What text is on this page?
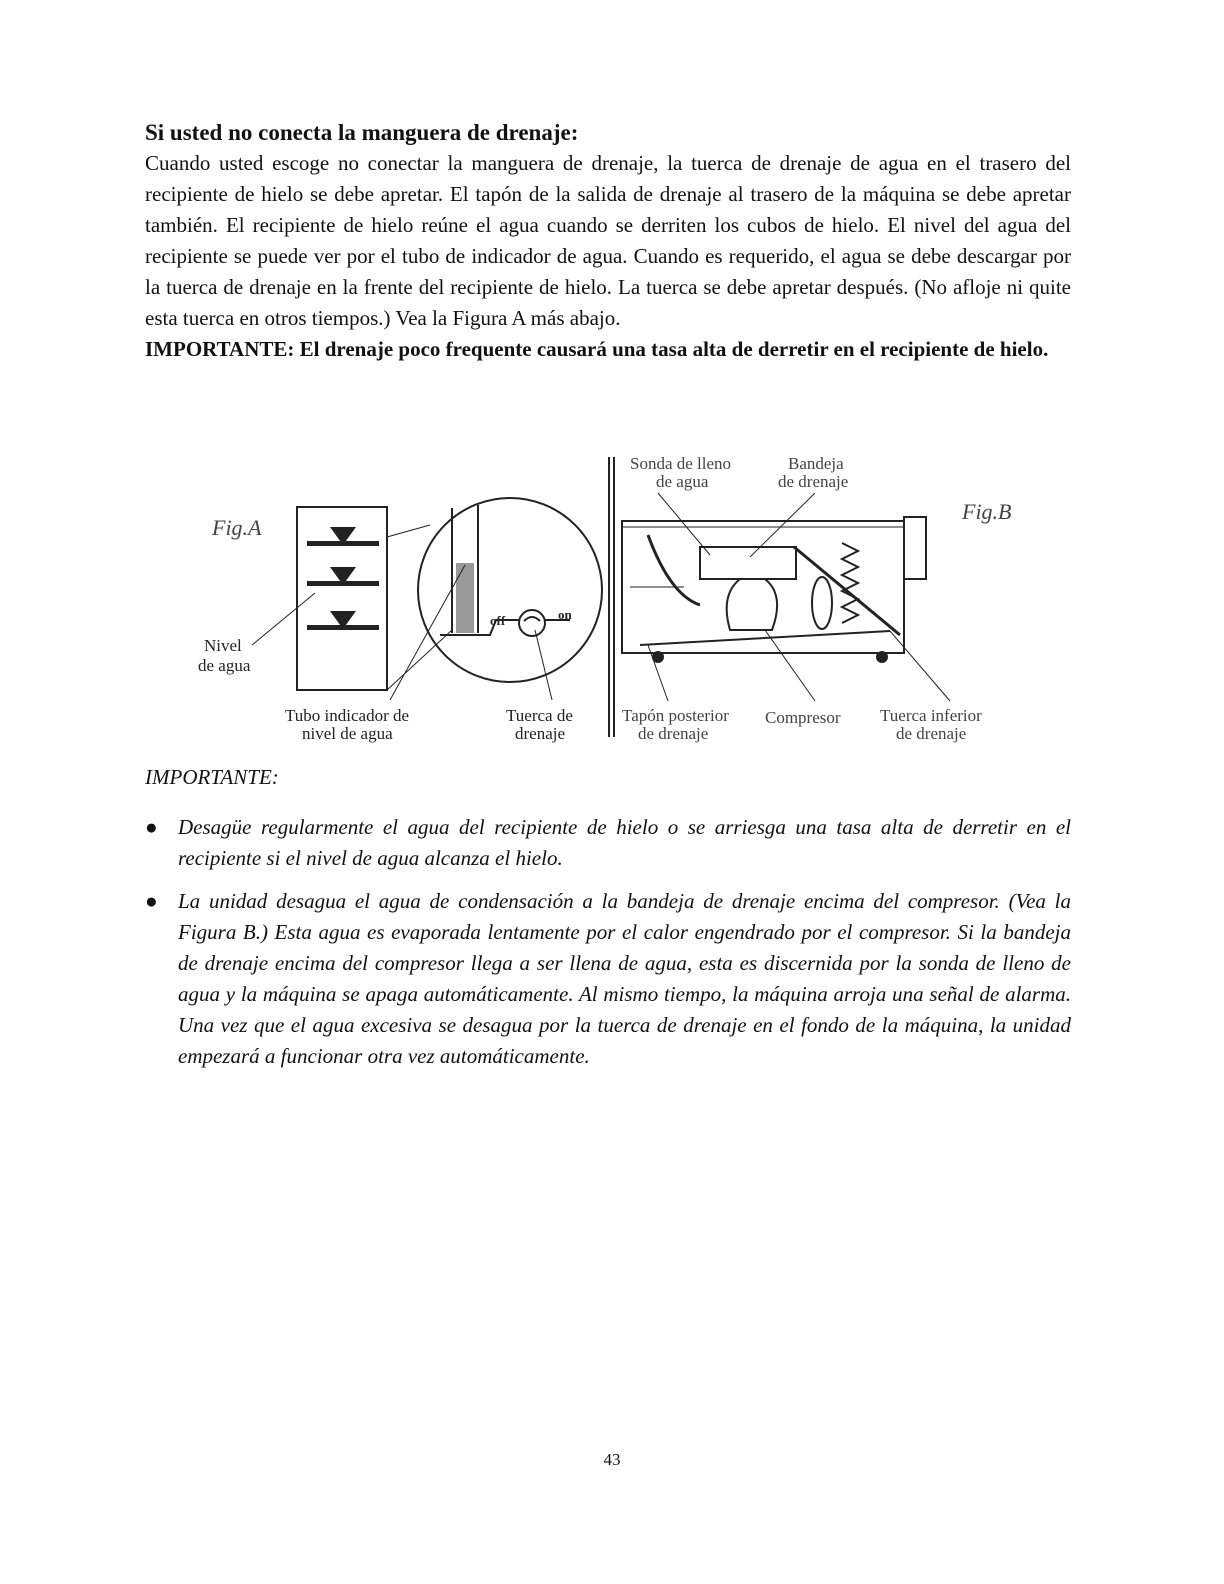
Si usted no conecta la manguera de drenaje:

Cuando usted escoge no conectar la manguera de drenaje, la tuerca de drenaje de agua en el trasero del recipiente de hielo se debe apretar. El tapón de la salida de drenaje al trasero de la máquina se debe apretar también. El recipiente de hielo reúne el agua cuando se derriten los cubos de hielo. El nivel del agua del recipiente se puede ver por el tubo de indicador de agua. Cuando es requerido, el agua se debe descargar por la tuerca de drenaje en la frente del recipiente de hielo. La tuerca se debe apretar después. (No afloje ni quite esta tuerca en otros tiempos.) Vea la Figura A más abajo.

IMPORTANTE: El drenaje poco frequente causará una tasa alta de derretir en el recipiente de hielo.

Fig.A
Nivel
de agua
off	on
Tubo indicador de
nivel de agua
Tuerca de
drenaje
Sonda de lleno
de agua
Bandeja
de drenaje
Fig.B
Tapón posterior
de drenaje
Compresor Tuerca inferior
de drenaje
IMPORTANTE:
● Desagüe regularmente el agua del recipiente de hielo o se arriesga una tasa alta de derretir en el recipiente si el nivel de agua alcanza el hielo.
● La unidad desagua el agua de condensación a la bandeja de drenaje encima del compresor. (Vea la Figura B.) Esta agua es evaporada lentamente por el calor engendrado por el compresor. Si la bandeja de drenaje encima del compresor llega a ser llena de agua, esta es discernida por la sonda de lleno de agua y la máquina se apaga automáticamente. Al mismo tiempo, la máquina arroja una señal de alarma. Una vez que el agua excesiva se desagua por la tuerca de drenaje en el fondo de la máquina, la unidad empezará a funcionar otra vez automáticamente.
43
